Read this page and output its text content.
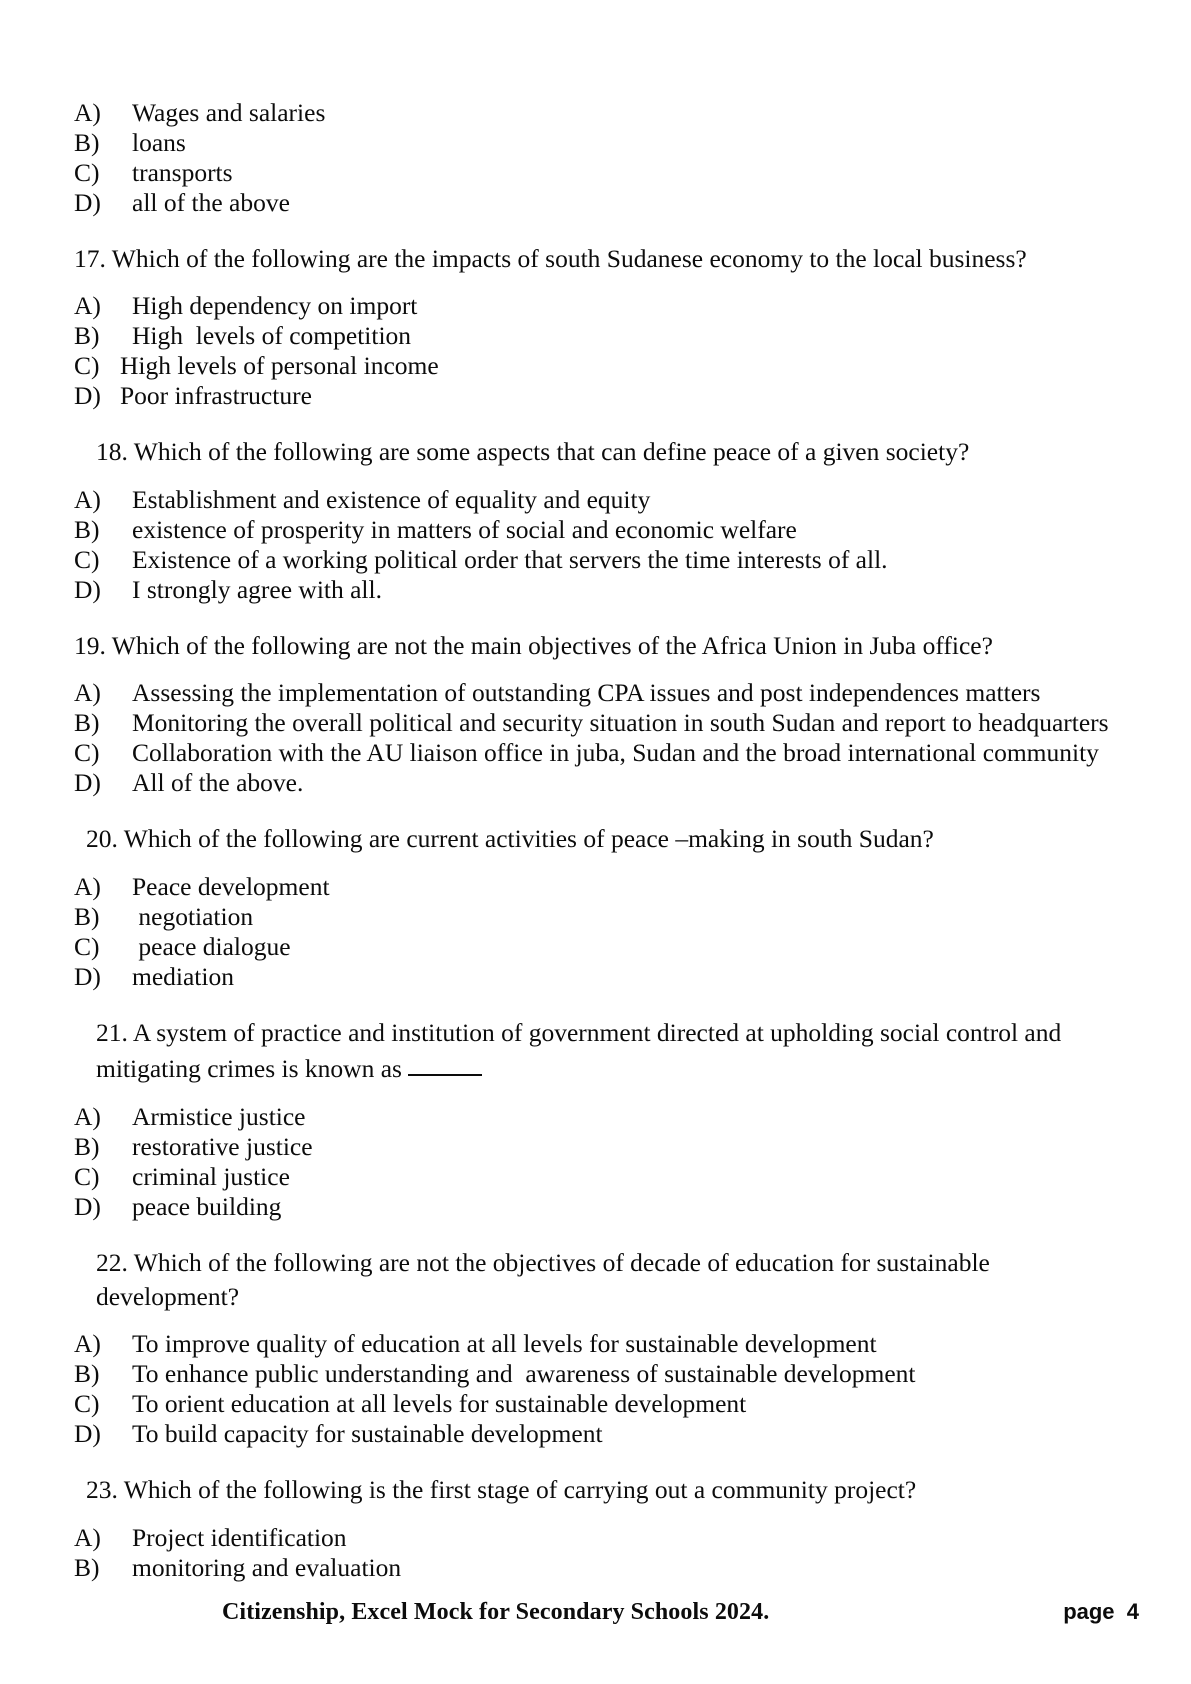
A)	Wages and salaries
B)	loans
C)	transports
D)	all of the above

17. Which of the following are the impacts of south Sudanese economy to the local business?

A)	High dependency on import
B)	High  levels of competition
C) High levels of personal income
D) Poor infrastructure

18. Which of the following are some aspects that can define peace of a given society?

A)	Establishment and existence of equality and equity
B)	existence of prosperity in matters of social and economic welfare
C)	Existence of a working political order that servers the time interests of all.
D)	I strongly agree with all.

19. Which of the following are not the main objectives of the Africa Union in Juba office?

A)	Assessing the implementation of outstanding CPA issues and post independences matters
B)	Monitoring the overall political and security situation in south Sudan and report to headquarters
C)	Collaboration with the AU liaison office in juba, Sudan and the broad international community
D)	All of the above.

20. Which of the following are current activities of peace –making in south Sudan?

A)	Peace development
B)	negotiation
C)	peace dialogue
D)	mediation

21. A system of practice and institution of government directed at upholding social control and mitigating crimes is known as

A)	Armistice justice
B)	restorative justice
C)	criminal justice
D)	peace building

22. Which of the following are not the objectives of decade of education for sustainable development?

A)	To improve quality of education at all levels for sustainable development
B)	To enhance public understanding and  awareness of sustainable development
C)	To orient education at all levels for sustainable development
D)	To build capacity for sustainable development

23. Which of the following is the first stage of carrying out a community project?

A)	Project identification
B)	monitoring and evaluation
Citizenship, Excel Mock for Secondary Schools 2024.	page  4
